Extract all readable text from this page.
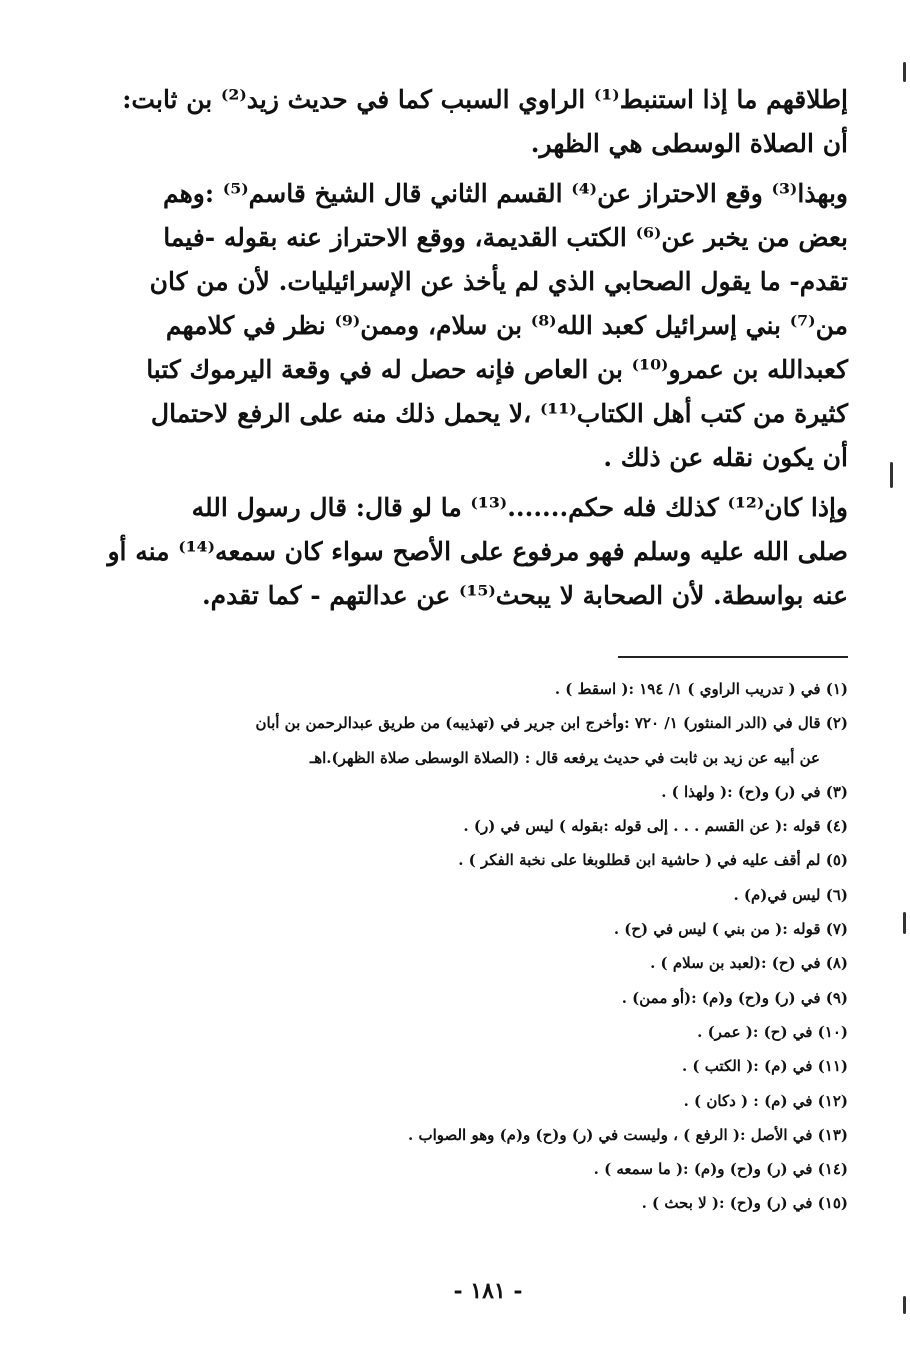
إطلاقهم ما إذا استنبط⁽¹⁾ الراوي السبب كما في حديث زيد⁽²⁾ بن ثابت:
أن الصلاة الوسطى هي الظهر.
وبهذا⁽³⁾ وقع الاحتراز عن⁽⁴⁾ القسم الثاني قال الشيخ قاسم⁽⁵⁾ :وهم
بعض من يخبر عن⁽⁶⁾ الكتب القديمة، ووقع الاحتراز عنه بقوله -فيما
تقدم- ما يقول الصحابي الذي لم يأخذ عن الإسرائيليات. لأن من كان
من⁽⁷⁾ بني إسرائيل كعبد الله⁽⁸⁾ بن سلام، وممن⁽⁹⁾ نظر في كلامهم
كعبدالله بن عمرو⁽¹⁰⁾ بن العاص فإنه حصل له في وقعة اليرموك كتبا
كثيرة من كتب أهل الكتاب⁽¹¹⁾ ،لا يحمل ذلك منه على الرفع لاحتمال
أن يكون نقله عن ذلك .
وإذا كان⁽¹²⁾ كذلك فله حكم.......⁽¹³⁾ ما لو قال: قال رسول الله
صلى الله عليه وسلم فهو مرفوع على الأصح سواء كان سمعه⁽¹⁴⁾ منه أو
عنه بواسطة. لأن الصحابة لا يبحث⁽¹⁵⁾ عن عدالتهم - كما تقدم.
(١) في ( تدريب الراوي ) ١/ ١٩٤ :( اسقط ) .
(٢) قال في (الدر المنثور) ١/ ٧٢٠ :وأخرج ابن جرير في (تهذيبه) من طريق عبدالرحمن بن أبان
عن أبيه عن زيد بن ثابت في حديث يرفعه قال : (الصلاة الوسطى صلاة الظهر).اهـ
(٣) في (ر) و(ح) :( ولهذا ) .
(٤) قوله :( عن القسم . . . إلى قوله :بقوله ) ليس في (ر) .
(٥) لم أقف عليه في ( حاشية ابن قطلوبغا على نخبة الفكر ) .
(٦) ليس في(م) .
(٧) قوله :( من بني ) ليس في (ح) .
(٨) في (ح) :(لعبد بن سلام ) .
(٩) في (ر) و(ح) و(م) :(أو ممن) .
(١٠) في (ح) :( عمر) .
(١١) في (م) :( الكتب ) .
(١٢) في (م) : ( دكان ) .
(١٣) في الأصل :( الرفع ) ، وليست في (ر) و(ح) و(م) وهو الصواب .
(١٤) في (ر) و(ح) و(م) :( ما سمعه ) .
(١٥) في (ر) و(ح) :( لا بحث ) .
- ١٨١ -
